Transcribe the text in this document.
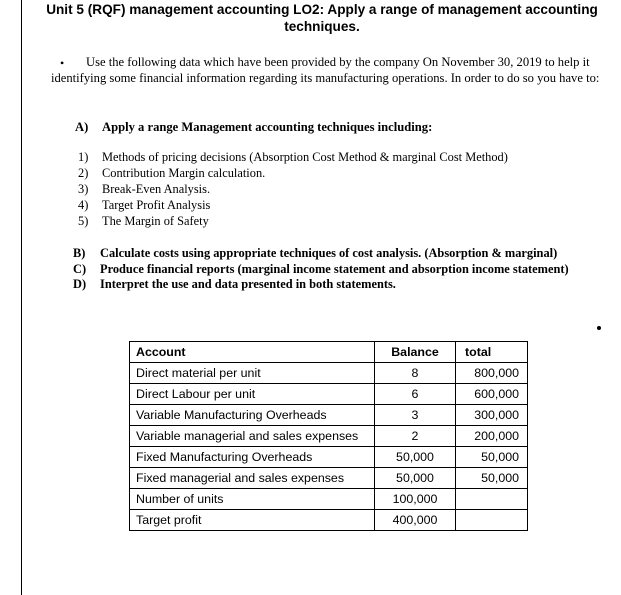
Unit 5 (RQF) management accounting LO2: Apply a range of management accounting techniques.
•	Use the following data which have been provided by the company On November 30, 2019 to help it identifying some financial information regarding its manufacturing operations. In order to do so you have to:

A) Apply a range Management accounting techniques including:
1) Methods of pricing decisions (Absorption Cost Method & marginal Cost Method)
2) Contribution Margin calculation.
3) Break-Even Analysis.
4) Target Profit Analysis
5) The Margin of Safety

B) Calculate costs using appropriate techniques of cost analysis. (Absorption & marginal)

C) Produce financial reports (marginal income statement and absorption income statement)

D) Interpret the use and data presented in both statements.

Account	Balance	total
Direct material per unit	8	800,000
Direct Labour per unit	6	600,000
Variable Manufacturing Overheads	3	300,000
Variable managerial and sales expenses	2	200,000
Fixed Manufacturing Overheads	50,000	50,000
Fixed managerial and sales expenses	50,000	50,000
Number of units	100,000	
Target profit	400,000	
